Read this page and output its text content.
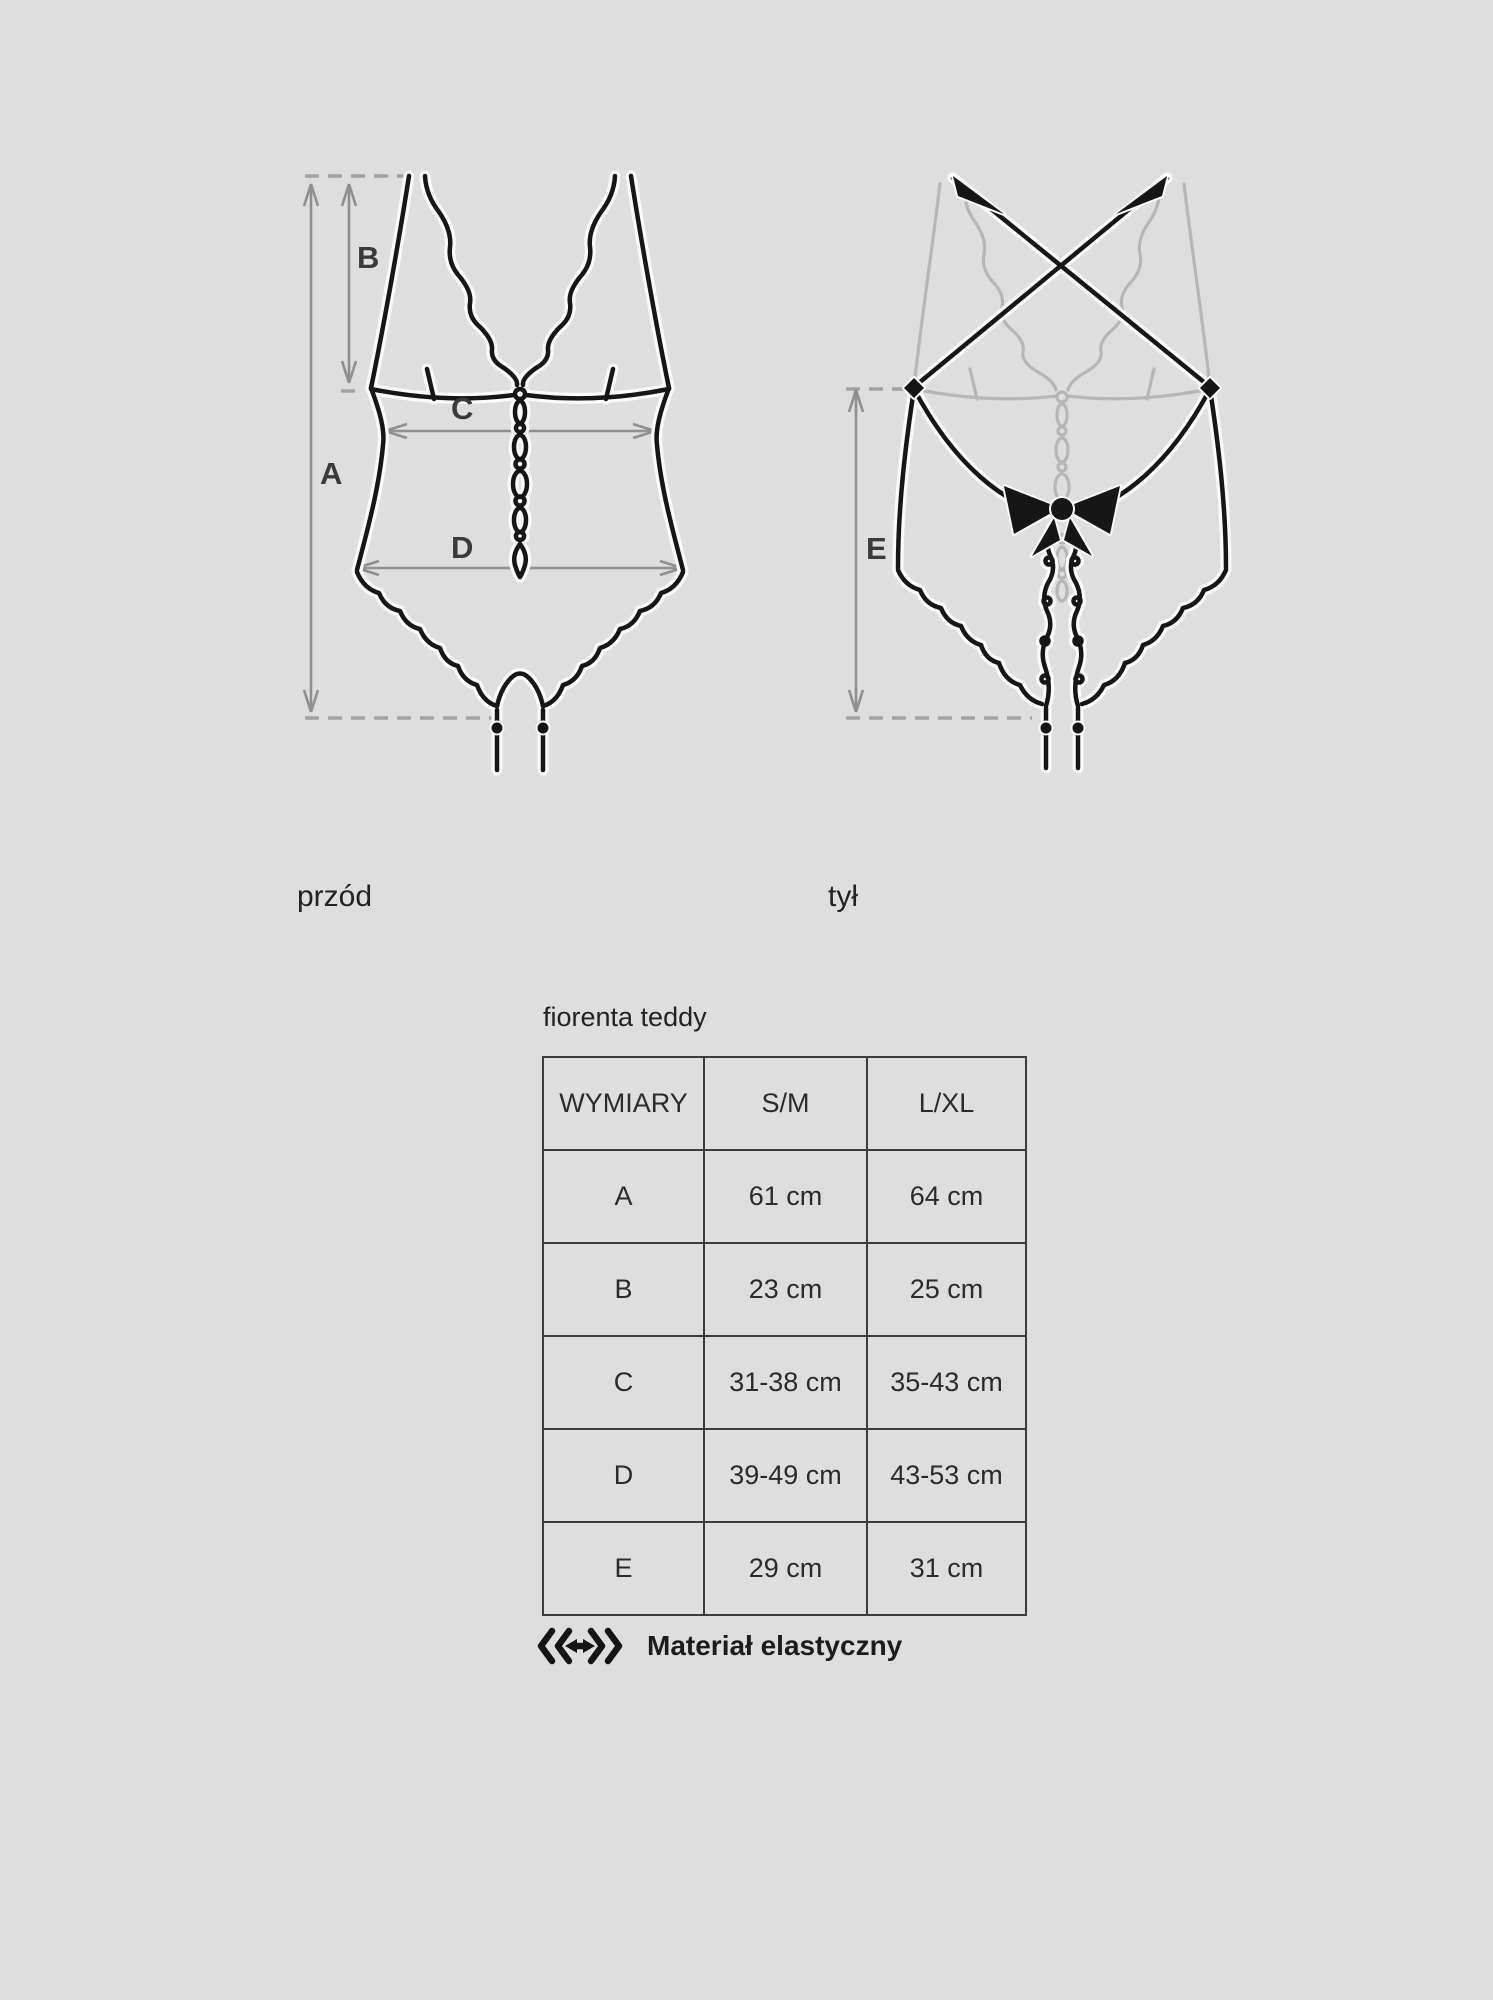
A
B
C
D	E
przód	tył
fiorenta teddy
WYMIARY	S/M	L/XL
A	61 cm	64 cm
B	23 cm	25 cm
C	31-38 cm	35-43 cm
D	39-49 cm	43-53 cm
E	29 cm	31 cm
Materiał elastyczny
